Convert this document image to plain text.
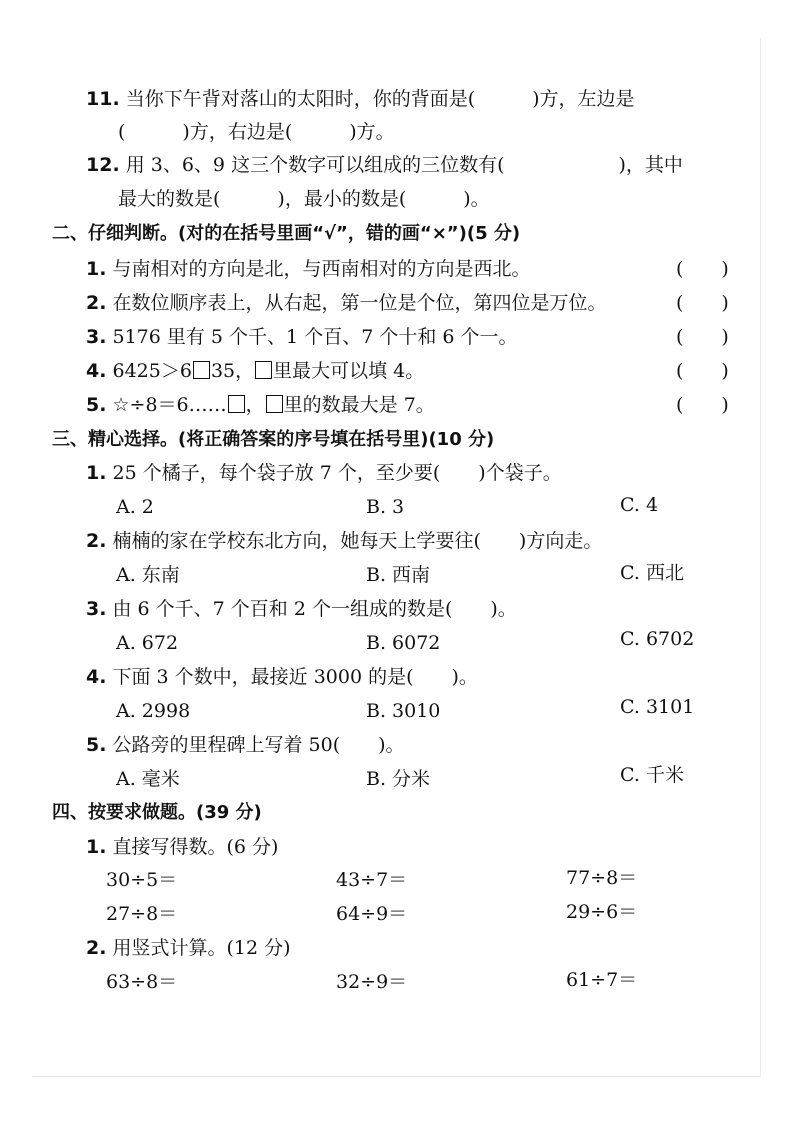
11. 当你下午背对落山的太阳时，你的背面是(　　　)方，左边是
(　　　)方，右边是(　　　)方。
12. 用 3、6、9 这三个数字可以组成的三位数有(　　　　　　)，其中
最大的数是(　　　)，最小的数是(　　　)。
二、仔细判断。(对的在括号里画“√”，错的画“×”)(5 分)
1. 与南相对的方向是北，与西南相对的方向是西北。	(　　)
2. 在数位顺序表上，从右起，第一位是个位，第四位是万位。	(　　)
3. 5176 里有 5 个千、1 个百、7 个十和 6 个一。	(　　)
4. 6425＞6 35， 里最大可以填 4。	(　　)
5. ☆÷8＝6…… ， 里的数最大是 7。	(　　)
三、精心选择。(将正确答案的序号填在括号里)(10 分)
1. 25 个橘子，每个袋子放 7 个，至少要(　　)个袋子。
A. 2	B. 3	C. 4
2. 楠楠的家在学校东北方向，她每天上学要往(　　)方向走。
A. 东南	B. 西南	C. 西北
3. 由 6 个千、7 个百和 2 个一组成的数是(　　)。
A. 672	B. 6072	C. 6702
4. 下面 3 个数中，最接近 3000 的是(　　)。
A. 2998	B. 3010	C. 3101
5. 公路旁的里程碑上写着 50(　　)。
A. 毫米	B. 分米	C. 千米
四、按要求做题。(39 分)
1. 直接写得数。(6 分)
30÷5＝	43÷7＝	77÷8＝
27÷8＝	64÷9＝	29÷6＝
2. 用竖式计算。(12 分)
63÷8＝	32÷9＝	61÷7＝
